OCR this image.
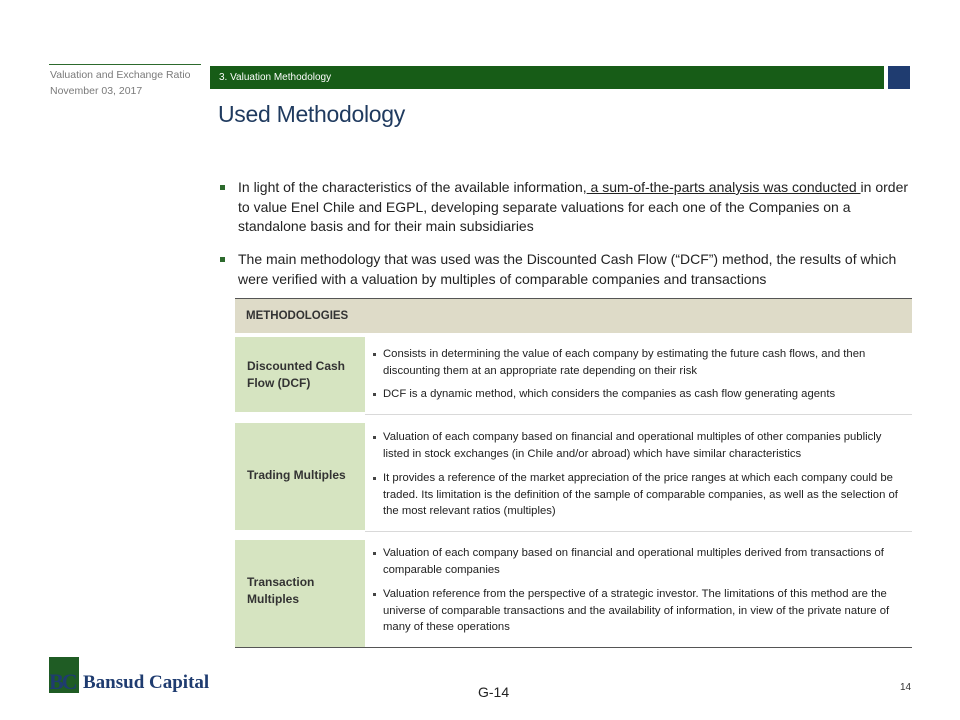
Valuation and Exchange Ratio
November 03, 2017
3. Valuation Methodology
Used Methodology
In light of the characteristics of the available information, a sum-of-the-parts analysis was conducted in order to value Enel Chile and EGPL, developing separate valuations for each one of the Companies on a standalone basis and for their main subsidiaries
The main methodology that was used was the Discounted Cash Flow (“DCF”) method, the results of which were verified with a valuation by multiples of comparable companies and transactions
METHODOLOGIES
Discounted Cash Flow (DCF)
Consists in determining the value of each company by estimating the future cash flows, and then discounting them at an appropriate rate depending on their risk
DCF is a dynamic method, which considers the companies as cash flow generating agents
Trading Multiples
Valuation of each company based on financial and operational multiples of other companies publicly listed in stock exchanges (in Chile and/or abroad) which have similar characteristics
It provides a reference of the market appreciation of the price ranges at which each company could be traded. Its limitation is the definition of the sample of comparable companies, as well as the selection of the most relevant ratios (multiples)
Transaction Multiples
Valuation of each company based on financial and operational multiples derived from transactions of comparable companies
Valuation reference from the perspective of a strategic investor. The limitations of this method are the universe of comparable transactions and the availability of information, in view of the private nature of many of these operations
BC Bansud Capital	G-14	14
